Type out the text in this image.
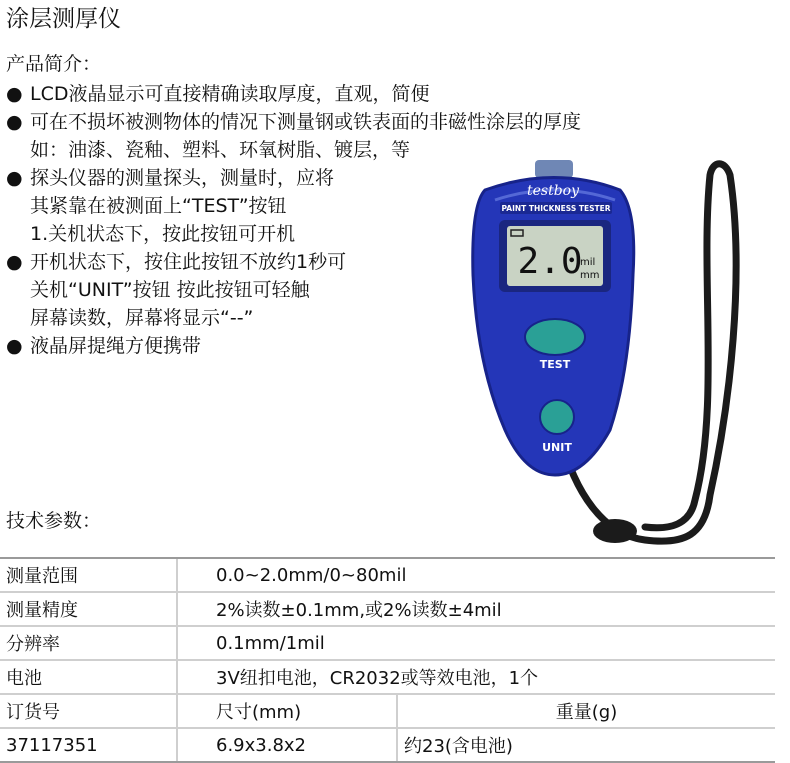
涂层测厚仪
产品简介：
● LCD液晶显示可直接精确读取厚度，直观，简便
● 可在不损坏被测物体的情况下测量钢或铁表面的非磁性涂层的厚度
如：油漆、瓷釉、塑料、环氧树脂、镀层，等
● 探头仪器的测量探头，测量时，应将
其紧靠在被测面上“TEST”按钮
1.关机状态下，按此按钮可开机
● 开机状态下，按住此按钮不放约1秒可
关机“UNIT”按钮 按此按钮可轻触
屏幕读数，屏幕将显示“--”
● 液晶屏提绳方便携带
testboy
PAINT THICKNESS TESTER
2.0
mil
mm
TEST
UNIT
技术参数：
测量范围	0.0~2.0mm/0~80mil	
测量精度	2%读数±0.1mm,或2%读数±4mil	
分辨率	0.1mm/1mil	
电池	3V纽扣电池，CR2032或等效电池，1个	
订货号	尺寸(mm)	重量(g)
37117351	6.9x3.8x2	约23(含电池)
